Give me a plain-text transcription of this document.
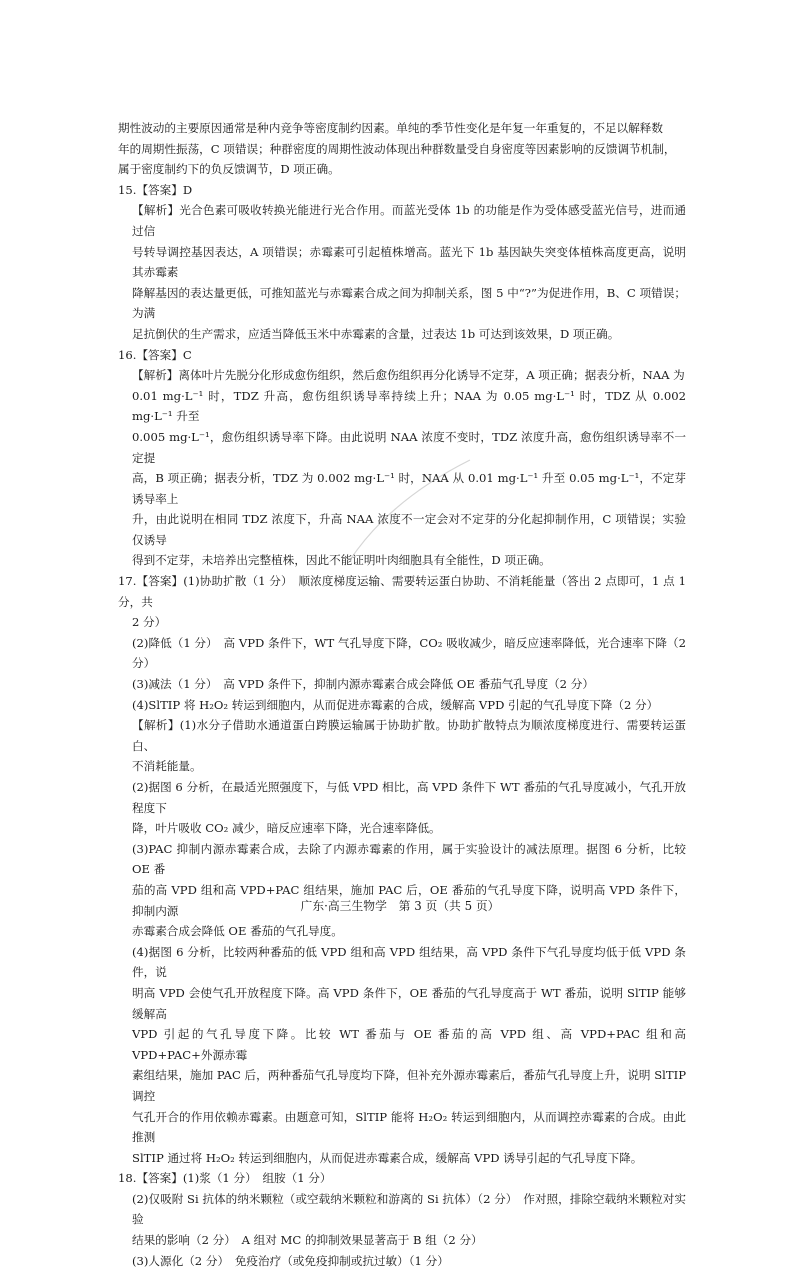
期性波动的主要原因通常是种内竞争等密度制约因素。单纯的季节性变化是年复一年重复的，不足以解释数
年的周期性振荡，C 项错误；种群密度的周期性波动体现出种群数量受自身密度等因素影响的反馈调节机制，
属于密度制约下的负反馈调节，D 项正确。

15.【答案】D

【解析】光合色素可吸收转换光能进行光合作用。而蓝光受体 1b 的功能是作为受体感受蓝光信号，进而通过信
号转导调控基因表达，A 项错误；赤霉素可引起植株增高。蓝光下 1b 基因缺失突变体植株高度更高，说明其赤霉素
降解基因的表达量更低，可推知蓝光与赤霉素合成之间为抑制关系，图 5 中“?”为促进作用，B、C 项错误；为满
足抗倒伏的生产需求，应适当降低玉米中赤霉素的含量，过表达 1b 可达到该效果，D 项正确。

16.【答案】C

【解析】离体叶片先脱分化形成愈伤组织，然后愈伤组织再分化诱导不定芽，A 项正确；据表分析，NAA 为
0.01 mg·L⁻¹ 时，TDZ 升高，愈伤组织诱导率持续上升；NAA 为 0.05 mg·L⁻¹ 时，TDZ 从 0.002 mg·L⁻¹ 升至
0.005 mg·L⁻¹，愈伤组织诱导率下降。由此说明 NAA 浓度不变时，TDZ 浓度升高，愈伤组织诱导率不一定提
高，B 项正确；据表分析，TDZ 为 0.002 mg·L⁻¹ 时，NAA 从 0.01 mg·L⁻¹ 升至 0.05 mg·L⁻¹，不定芽诱导率上
升，由此说明在相同 TDZ 浓度下，升高 NAA 浓度不一定会对不定芽的分化起抑制作用，C 项错误；实验仅诱导
得到不定芽，未培养出完整植株，因此不能证明叶肉细胞具有全能性，D 项正确。

17.【答案】(1)协助扩散（1 分）　顺浓度梯度运输、需要转运蛋白协助、不消耗能量（答出 2 点即可，1 点 1 分，共
2 分）

(2)降低（1 分）　高 VPD 条件下，WT 气孔导度下降，CO₂ 吸收减少，暗反应速率降低，光合速率下降（2 分）
(3)减法（1 分）　高 VPD 条件下，抑制内源赤霉素合成会降低 OE 番茄气孔导度（2 分）
(4)SlTIP 将 H₂O₂ 转运到细胞内，从而促进赤霉素的合成，缓解高 VPD 引起的气孔导度下降（2 分）

【解析】(1)水分子借助水通道蛋白跨膜运输属于协助扩散。协助扩散特点为顺浓度梯度进行、需要转运蛋白、
不消耗能量。
(2)据图 6 分析，在最适光照强度下，与低 VPD 相比，高 VPD 条件下 WT 番茄的气孔导度减小，气孔开放程度下
降，叶片吸收 CO₂ 减少，暗反应速率下降，光合速率降低。
(3)PAC 抑制内源赤霉素合成，去除了内源赤霉素的作用，属于实验设计的减法原理。据图 6 分析，比较 OE 番
茄的高 VPD 组和高 VPD+PAC 组结果，施加 PAC 后，OE 番茄的气孔导度下降，说明高 VPD 条件下，抑制内源
赤霉素合成会降低 OE 番茄的气孔导度。
(4)据图 6 分析，比较两种番茄的低 VPD 组和高 VPD 组结果，高 VPD 条件下气孔导度均低于低 VPD 条件，说
明高 VPD 会使气孔开放程度下降。高 VPD 条件下，OE 番茄的气孔导度高于 WT 番茄，说明 SlTIP 能够缓解高
VPD 引起的气孔导度下降。比较 WT 番茄与 OE 番茄的高 VPD 组、高 VPD+PAC 组和高 VPD+PAC+外源赤霉
素组结果，施加 PAC 后，两种番茄气孔导度均下降，但补充外源赤霉素后，番茄气孔导度上升，说明 SlTIP 调控
气孔开合的作用依赖赤霉素。由题意可知，SlTIP 能将 H₂O₂ 转运到细胞内，从而调控赤霉素的合成。由此推测
SlTIP 通过将 H₂O₂ 转运到细胞内，从而促进赤霉素合成，缓解高 VPD 诱导引起的气孔导度下降。

18.【答案】(1)浆（1 分）　组胺（1 分）

(2)仅吸附 Si 抗体的纳米颗粒（或空载纳米颗粒和游离的 Si 抗体）（2 分）　作对照，排除空载纳米颗粒对实验
结果的影响（2 分）　A 组对 MC 的抑制效果显著高于 B 组（2 分）
(3)人源化（2 分）　免疫治疗（或免疫抑制或抗过敏）（1 分）

广东·高三生物学　第 3 页（共 5 页）
